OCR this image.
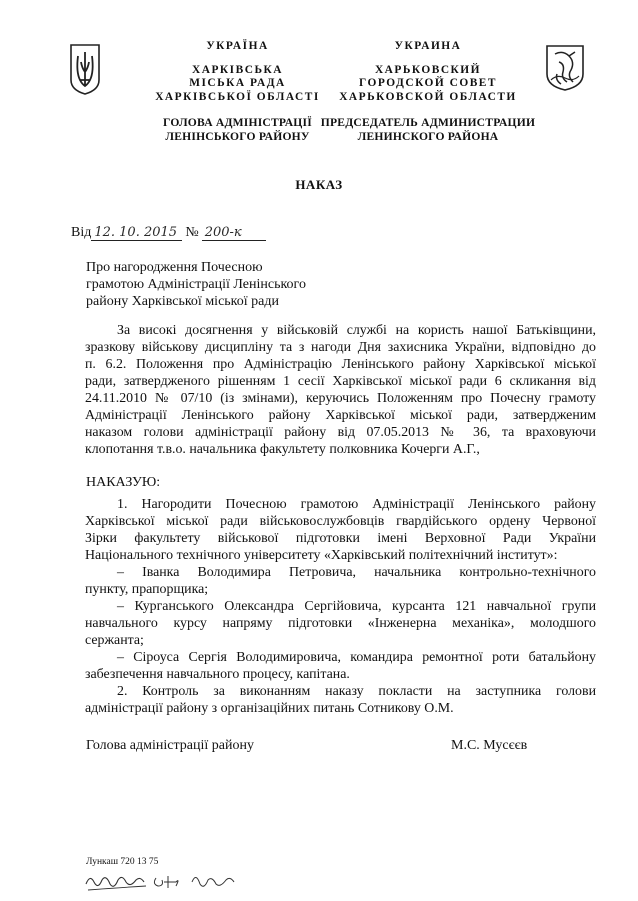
УКРАЇНА
ХАРКІВСЬКА
МІСЬКА РАДА
ХАРКІВСЬКОЇ ОБЛАСТІ
ГОЛОВА АДМІНІСТРАЦІЇ
ЛЕНІНСЬКОГО РАЙОНУ
УКРАИНА
ХАРЬКОВСКИЙ
ГОРОДСКОЙ СОВЕТ
ХАРЬКОВСКОЙ ОБЛАСТИ
ПРЕДСЕДАТЕЛЬ АДМИНИСТРАЦИИ
ЛЕНИНСКОГО РАЙОНА
НАКАЗ
Від 12. 10. 2015 № 200-к
Про нагородження Почесною
грамотою Адміністрації Ленінського
району Харківської міської ради
За високі досягнення у військовій службі на користь нашої Батьківщини,
зразкову військову дисципліну та з нагоди Дня захисника України, відповідно до
п. 6.2. Положення про Адміністрацію Ленінського району Харківської міської
ради, затвердженого рішенням 1 сесії Харківської міської ради 6 скликання від
24.11.2010 № 07/10 (із змінами), керуючись Положенням про Почесну грамоту
Адміністрації Ленінського району Харківської міської ради, затвердженим
наказом голови адміністрації району від 07.05.2013 № 36, та враховуючи
клопотання т.в.о. начальника факультету полковника Кочерги А.Г.,
НАКАЗУЮ:
1. Нагородити Почесною грамотою Адміністрації Ленінського району
Харківської міської ради військовослужбовців гвардійського ордену Червоної
Зірки факультету військової підготовки імені Верховної Ради України
Національного технічного університету «Харківський політехнічний інститут»:
– Іванка Володимира Петровича, начальника контрольно-технічного
пункту, прапорщика;
– Курганського Олександра Сергійовича, курсанта 121 навчальної групи
навчального курсу напряму підготовки «Інженерна механіка», молодшого
сержанта;
– Сіроуса Сергія Володимировича, командира ремонтної роти батальйону
забезпечення навчального процесу, капітана.
2. Контроль за виконанням наказу покласти на заступника голови
адміністрації району з організаційних питань Сотникову О.М.
Голова адміністрації району	М.С. Мусєєв
Лункаш 720 13 75
